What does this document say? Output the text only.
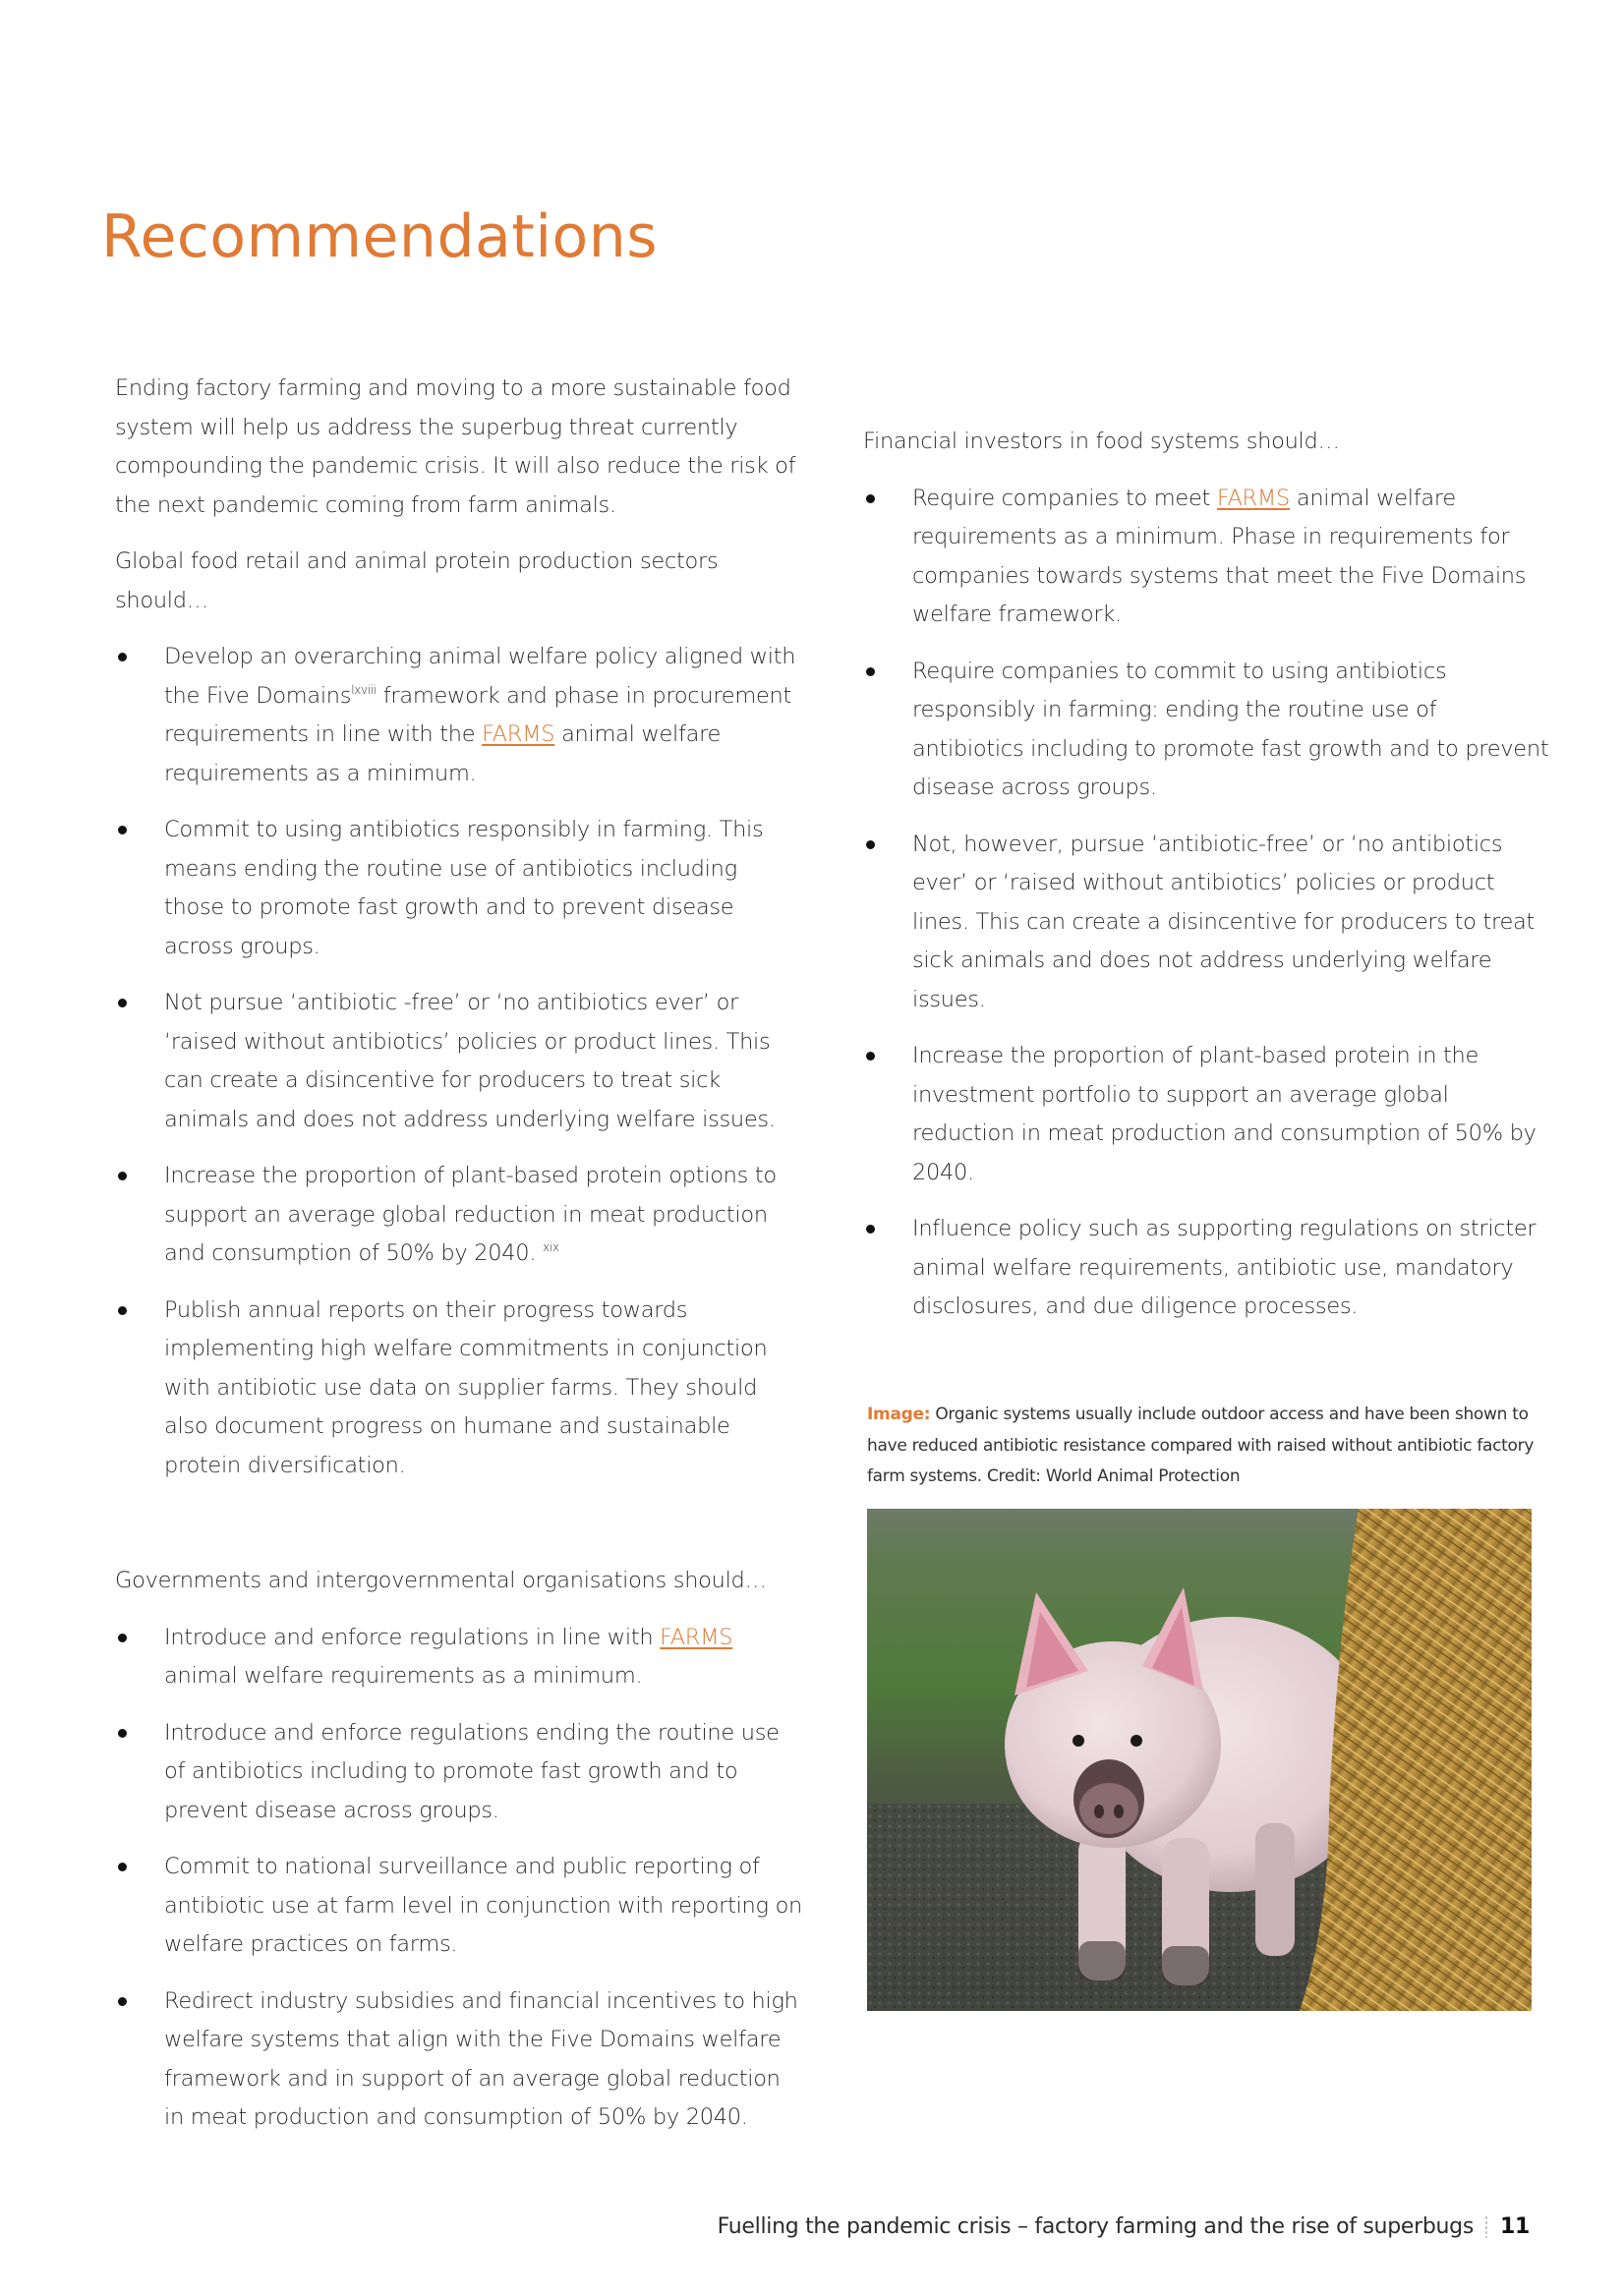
Recommendations

Ending factory farming and moving to a more sustainable food system will help us address the superbug threat currently compounding the pandemic crisis. It will also reduce the risk of the next pandemic coming from farm animals.

Global food retail and animal protein production sectors should…

Develop an overarching animal welfare policy aligned with the Five Domains$^{lxviii}$ framework and phase in procurement requirements in line with the FARMS animal welfare requirements as a minimum.
Commit to using antibiotics responsibly in farming. This means ending the routine use of antibiotics including those to promote fast growth and to prevent disease across groups.
Not pursue ‘antibiotic -free’ or ‘no antibiotics ever’ or ‘raised without antibiotics’ policies or product lines. This can create a disincentive for producers to treat sick animals and does not address underlying welfare issues.
Increase the proportion of plant-based protein options to support an average global reduction in meat production and consumption of 50% by 2040. $^{xix}$
Publish annual reports on their progress towards implementing high welfare commitments in conjunction with antibiotic use data on supplier farms. They should also document progress on humane and sustainable protein diversification.

Governments and intergovernmental organisations should…

Introduce and enforce regulations in line with FARMS animal welfare requirements as a minimum.
Introduce and enforce regulations ending the routine use of antibiotics including to promote fast growth and to prevent disease across groups.
Commit to national surveillance and public reporting of antibiotic use at farm level in conjunction with reporting on welfare practices on farms.
Redirect industry subsidies and financial incentives to high welfare systems that align with the Five Domains welfare framework and in support of an average global reduction in meat production and consumption of 50% by 2040.

Financial investors in food systems should…

Require companies to meet FARMS animal welfare requirements as a minimum. Phase in requirements for companies towards systems that meet the Five Domains welfare framework.
Require companies to commit to using antibiotics responsibly in farming: ending the routine use of antibiotics including to promote fast growth and to prevent disease across groups.
Not, however, pursue ‘antibiotic-free’ or ‘no antibiotics ever’ or ‘raised without antibiotics’ policies or product lines. This can create a disincentive for producers to treat sick animals and does not address underlying welfare issues.
Increase the proportion of plant-based protein in the investment portfolio to support an average global reduction in meat production and consumption of 50% by 2040.
Influence policy such as supporting regulations on stricter animal welfare requirements, antibiotic use, mandatory disclosures, and due diligence processes.
Image: Organic systems usually include outdoor access and have been shown to have reduced antibiotic resistance compared with raised without antibiotic factory farm systems. Credit: World Animal Protection
Fuelling the pandemic crisis – factory farming and the rise of superbugs 11
